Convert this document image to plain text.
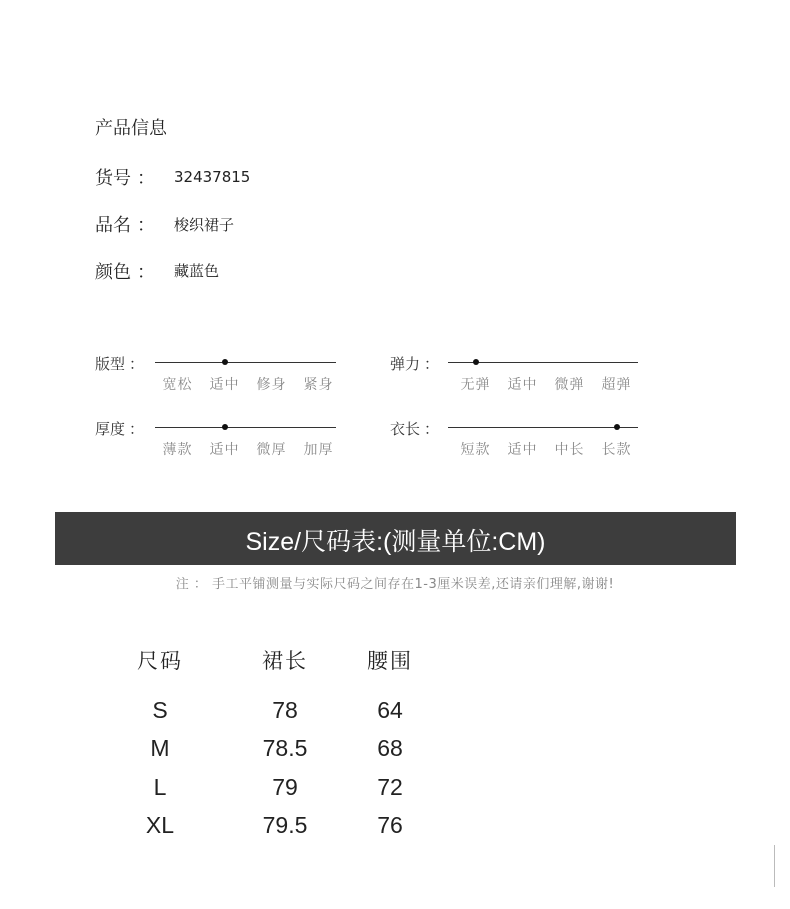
产品信息
货号 ： 32437815
品名 ： 梭织裙子
颜色 ： 藏蓝色
版型 ：
宽松	适中	修身	紧身
弹力 ：
无弹	适中	微弹	超弹
厚度 ：
薄款	适中	微厚	加厚
衣长 ：
短款	适中	中长	长款
Size/尺码表:(测量单位:CM)
注 ： 手工平铺测量与实际尺码之间存在1-3厘米误差,还请亲们理解,谢谢!
尺码	裙长	腰围
S	78	64
M	78.5	68
L	79	72
XL	79.5	76
